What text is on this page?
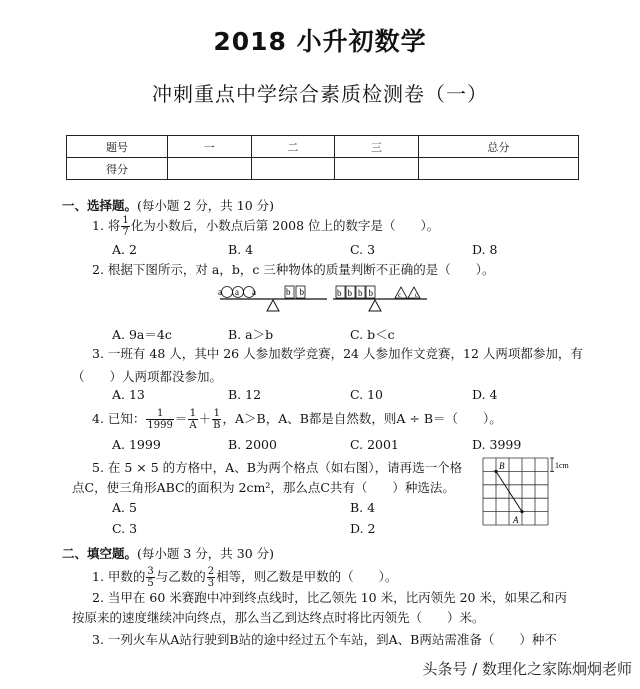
2018 小升初数学
冲刺重点中学综合素质检测卷（一）
题号	一	二	三	总分
得分				
一、选择题。(每小题 2 分，共 10 分)
1. 将 $\frac{1}{7}$ 化为小数后，小数点后第 2008 位上的数字是（　　）。
A. 2	B. 4	C. 3	D. 8
2. 根据下图所示，对 a，b，c 三种物体的质量判断不正确的是（　　）。
aaa	bb	bbbb	cc
A. 9a＝4c	B. a＞b	C. b＜c
3. 一班有 48 人，其中 26 人参加数学竞赛，24 人参加作文竞赛，12 人两项都参加，有
（　　）人两项都没参加。
A. 13	B. 12	C. 10	D. 4
4. 已知： $\frac{1}{1999} = \frac{1}{A} + \frac{1}{B}$ ，A＞B，A、B都是自然数，则A ÷ B＝（　　）。
A. 1999	B. 2000	C. 2001	D. 3999
5. 在 5 × 5 的方格中，A、B为两个格点（如右图），请再选一个格
点C，使三角形ABC的面积为 2cm²，那么点C共有（　　）种选法。
B
A
1cm
A. 5	B. 4
C. 3	D. 2
二、填空题。(每小题 3 分，共 30 分)
1. 甲数的 $\frac{3}{5}$ 与乙数的 $\frac{2}{3}$ 相等，则乙数是甲数的（　　）。
2. 当甲在 60 米赛跑中冲到终点线时，比乙领先 10 米，比丙领先 20 米，如果乙和丙
按原来的速度继续冲向终点，那么当乙到达终点时将比丙领先（　　）米。
3. 一列火车从A站行驶到B站的途中经过五个车站，到A、B两站需准备（　　）种不
头条号 / 数理化之家陈炯炯老师
